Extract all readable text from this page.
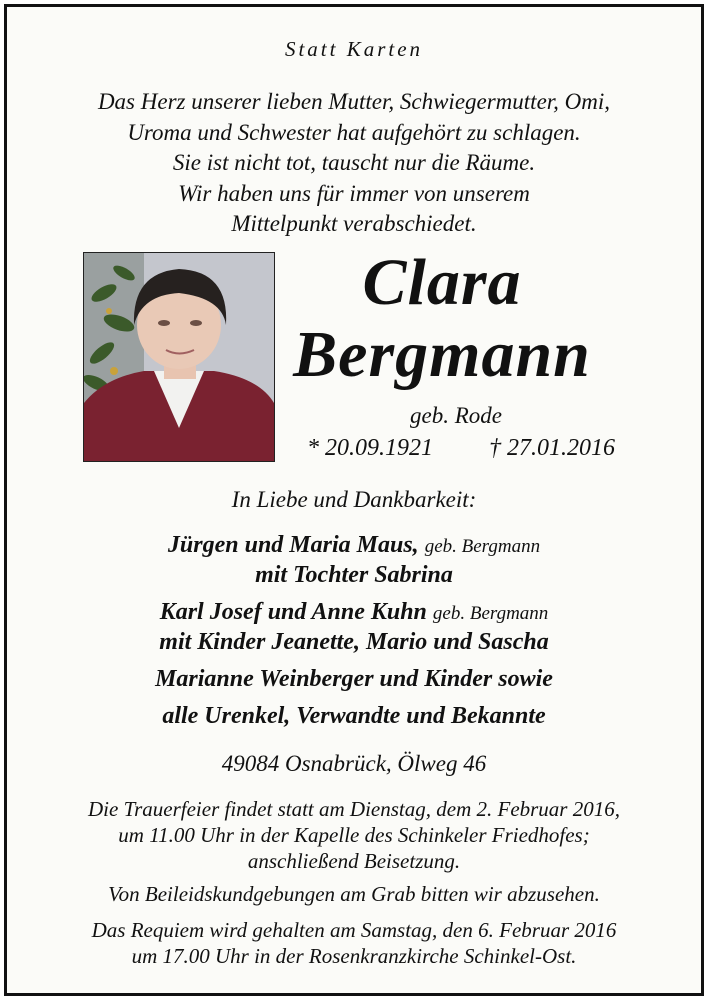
Statt Karten
Das Herz unserer lieben Mutter, Schwiegermutter, Omi,
Uroma und Schwester hat aufgehört zu schlagen.
Sie ist nicht tot, tauscht nur die Räume.
Wir haben uns für immer von unserem
Mittelpunkt verabschiedet.
Clara
Bergmann
geb. Rode
* 20.09.1921 † 27.01.2016
In Liebe und Dankbarkeit:
Jürgen und Maria Maus, geb. Bergmann
mit Tochter Sabrina
Karl Josef und Anne Kuhn geb. Bergmann
mit Kinder Jeanette, Mario und Sascha
Marianne Weinberger und Kinder sowie
alle Urenkel, Verwandte und Bekannte
49084 Osnabrück, Ölweg 46
Die Trauerfeier findet statt am Dienstag, dem 2. Februar 2016,
um 11.00 Uhr in der Kapelle des Schinkeler Friedhofes;
anschließend Beisetzung.
Von Beileidskundgebungen am Grab bitten wir abzusehen.
Das Requiem wird gehalten am Samstag, den 6. Februar 2016
um 17.00 Uhr in der Rosenkranzkirche Schinkel-Ost.
